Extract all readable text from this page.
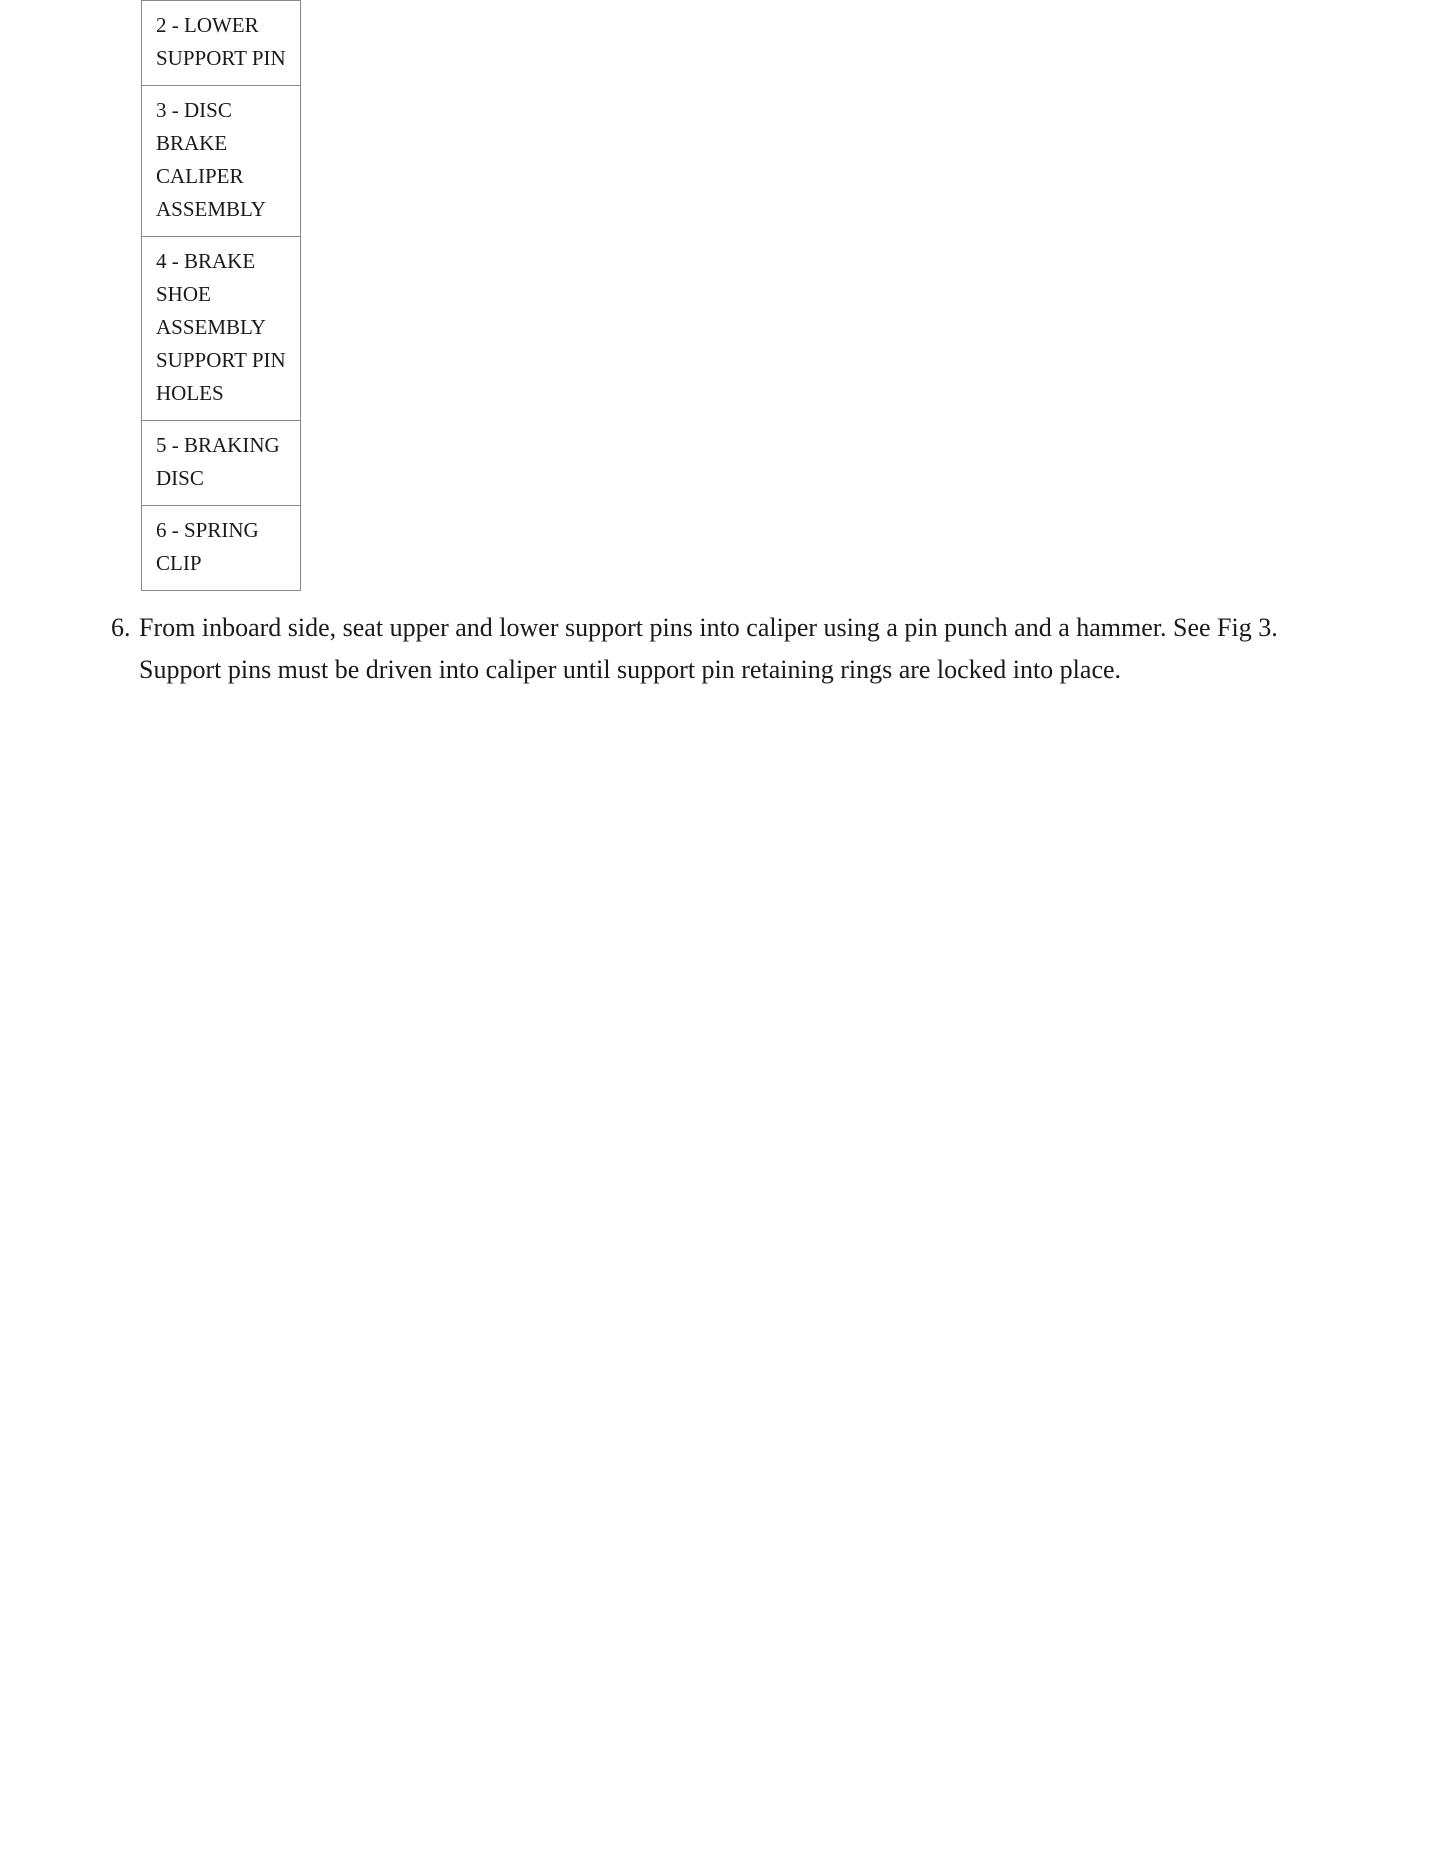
2 - LOWER SUPPORT PIN
3 - DISC BRAKE CALIPER ASSEMBLY
4 - BRAKE SHOE ASSEMBLY SUPPORT PIN HOLES
5 - BRAKING DISC
6 - SPRING CLIP
6. From inboard side, seat upper and lower support pins into caliper using a pin punch and a hammer. See Fig 3. Support pins must be driven into caliper until support pin retaining rings are locked into place.
